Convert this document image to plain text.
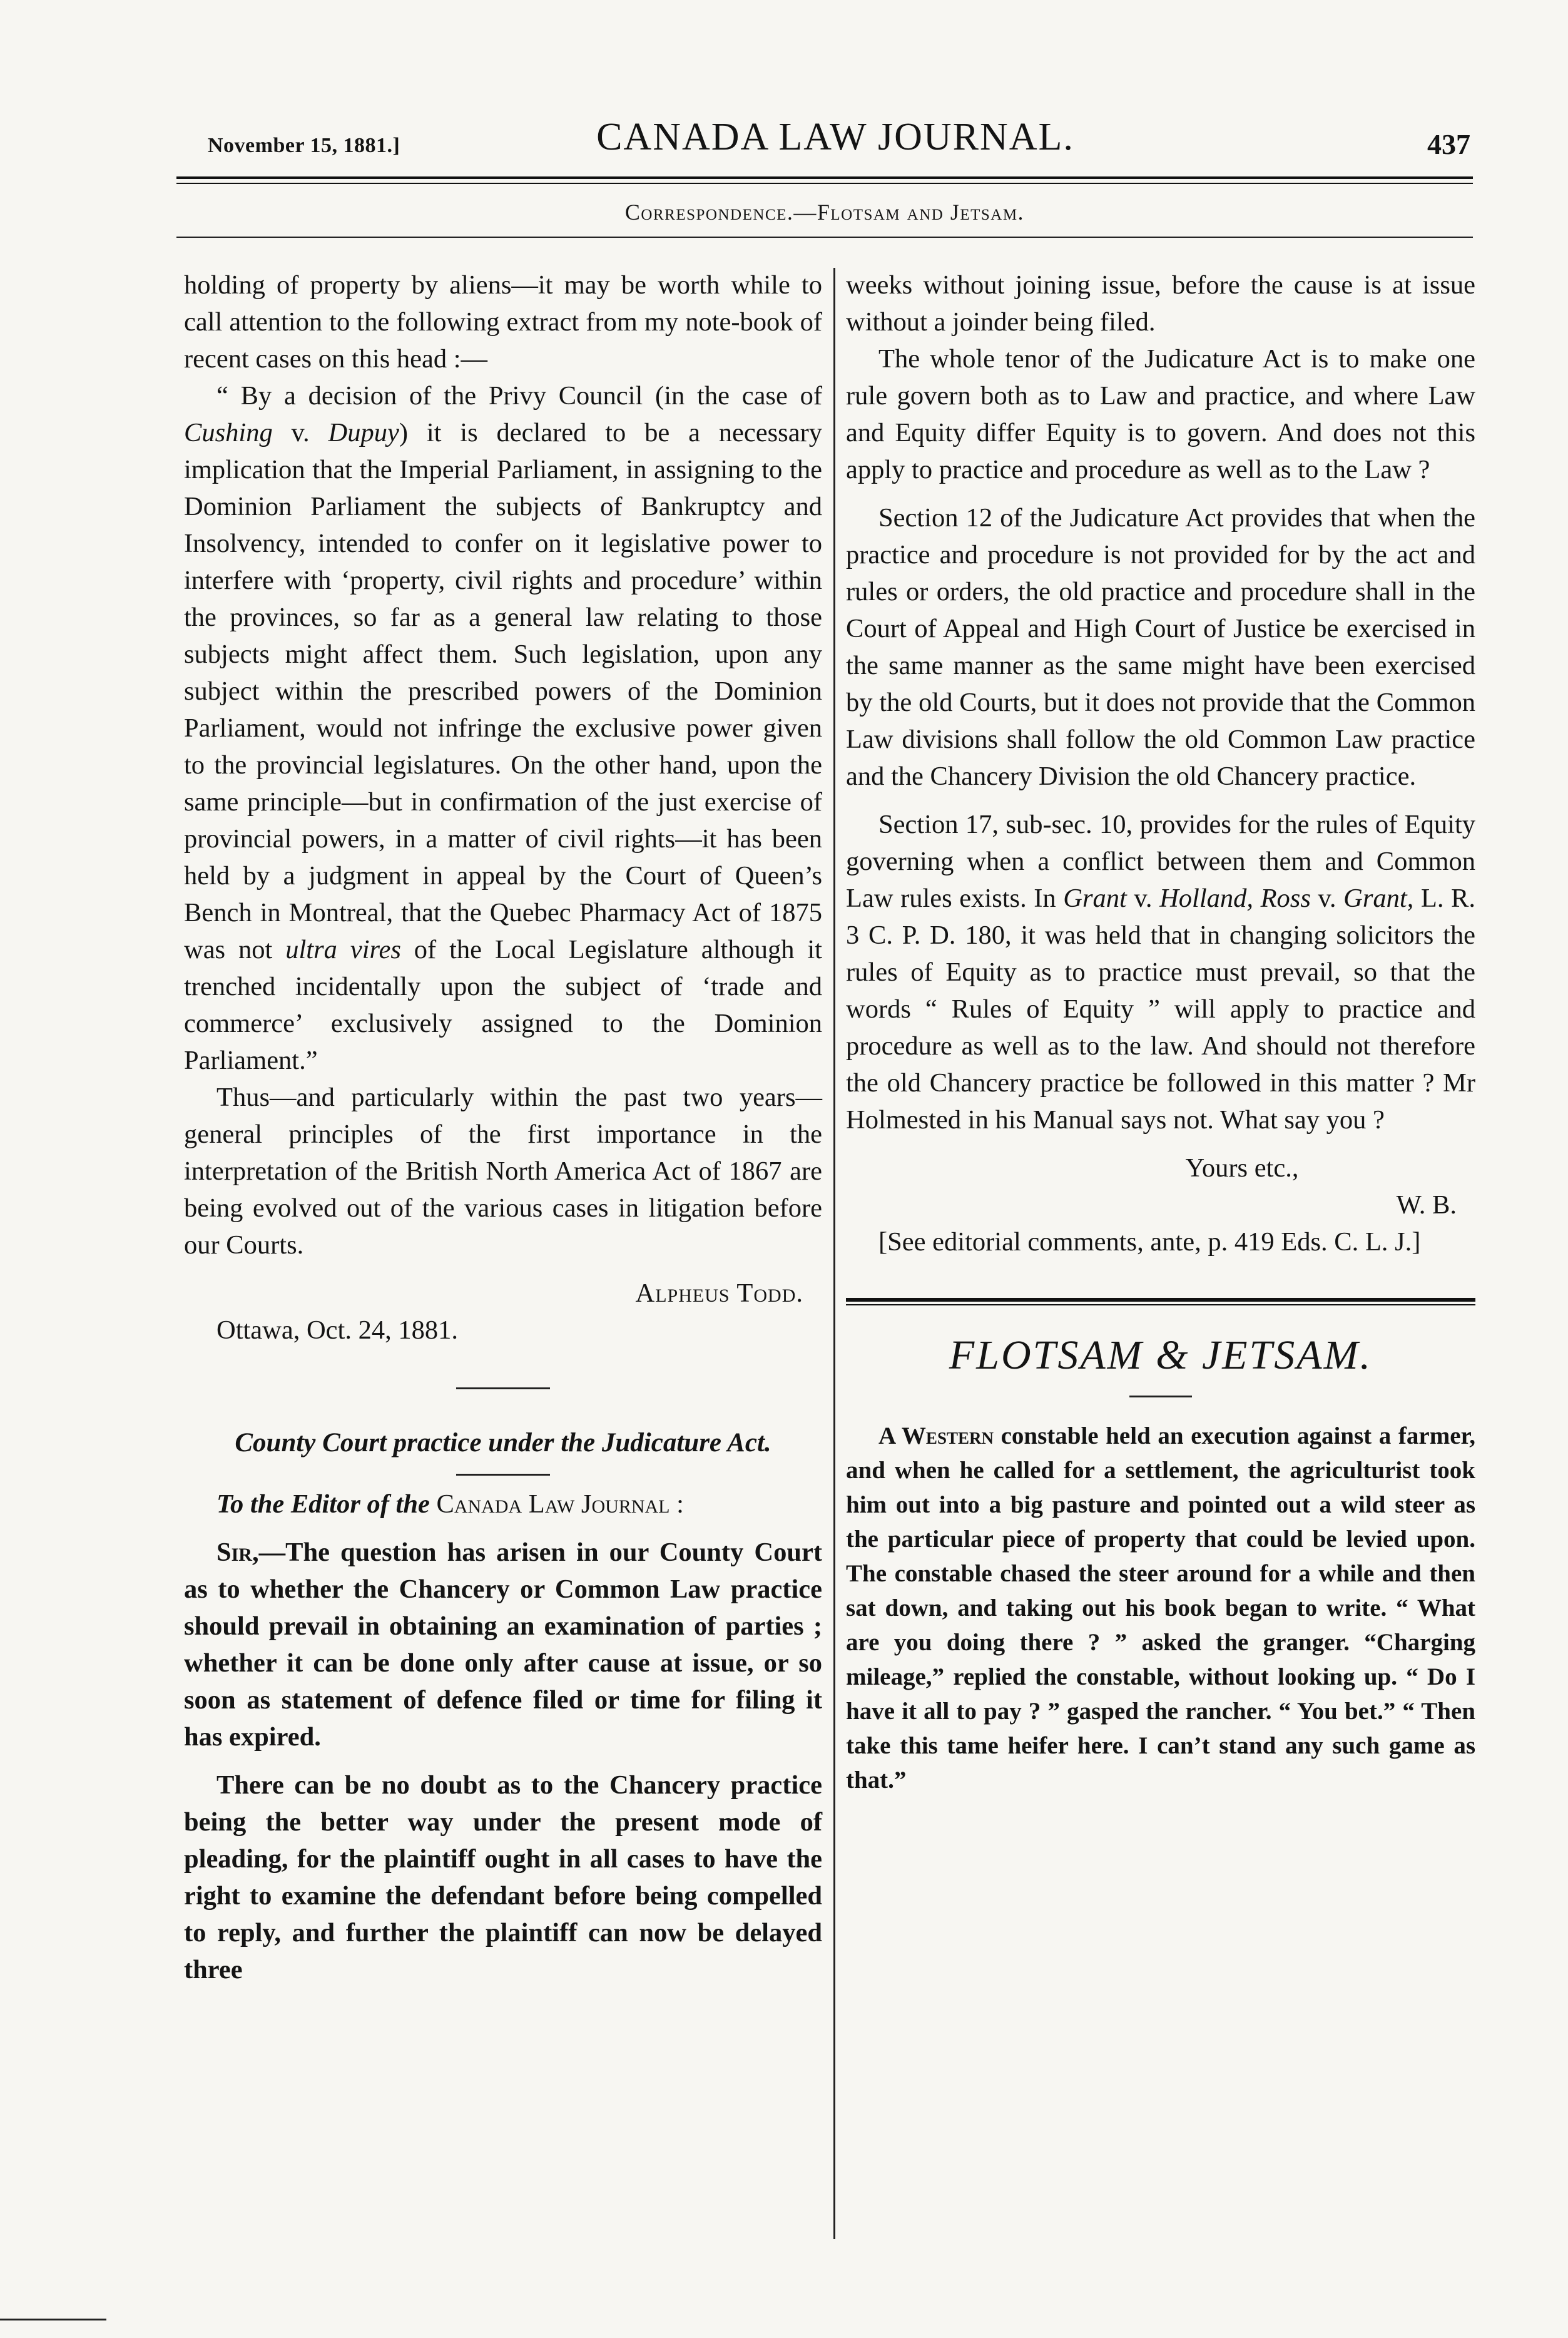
November 15, 1881.]	CANADA LAW JOURNAL.	437
Correspondence.—Flotsam and Jetsam.

holding of property by aliens—it may be worth while to call attention to the following extract from my note-book of recent cases on this head :—

“ By a decision of the Privy Council (in the case of Cushing v. Dupuy) it is declared to be a necessary implication that the Imperial Parliament, in assigning to the Dominion Parliament the subjects of Bankruptcy and Insolvency, intended to confer on it legislative power to interfere with ‘property, civil rights and procedure’ within the provinces, so far as a general law relating to those subjects might affect them. Such legislation, upon any subject within the prescribed powers of the Dominion Parliament, would not infringe the exclusive power given to the provincial legislatures. On the other hand, upon the same principle—but in confirmation of the just exercise of provincial powers, in a matter of civil rights—it has been held by a judgment in appeal by the Court of Queen’s Bench in Montreal, that the Quebec Pharmacy Act of 1875 was not ultra vires of the Local Legislature although it trenched incidentally upon the subject of ‘trade and commerce’ exclusively assigned to the Dominion Parliament.”

Thus—and particularly within the past two years—general principles of the first importance in the interpretation of the British North America Act of 1867 are being evolved out of the various cases in litigation before our Courts.

Alpheus Todd.

Ottawa, Oct. 24, 1881.

County Court practice under the Judicature Act.

To the Editor of the Canada Law Journal :

Sir,—The question has arisen in our County Court as to whether the Chancery or Common Law practice should prevail in obtaining an examination of parties ; whether it can be done only after cause at issue, or so soon as statement of defence filed or time for filing it has expired.

There can be no doubt as to the Chancery practice being the better way under the present mode of pleading, for the plaintiff ought in all cases to have the right to examine the defendant before being compelled to reply, and further the plaintiff can now be delayed three

weeks without joining issue, before the cause is at issue without a joinder being filed.

The whole tenor of the Judicature Act is to make one rule govern both as to Law and practice, and where Law and Equity differ Equity is to govern. And does not this apply to practice and procedure as well as to the Law ?

Section 12 of the Judicature Act provides that when the practice and procedure is not provided for by the act and rules or orders, the old practice and procedure shall in the Court of Appeal and High Court of Justice be exercised in the same manner as the same might have been exercised by the old Courts, but it does not provide that the Common Law divisions shall follow the old Common Law practice and the Chancery Division the old Chancery practice.

Section 17, sub-sec. 10, provides for the rules of Equity governing when a conflict between them and Common Law rules exists. In Grant v. Holland, Ross v. Grant, L. R. 3 C. P. D. 180, it was held that in changing solicitors the rules of Equity as to practice must prevail, so that the words “ Rules of Equity ” will apply to practice and procedure as well as to the law. And should not therefore the old Chancery practice be followed in this matter ? Mr Holmested in his Manual says not. What say you ?

Yours etc.,

W. B.

[See editorial comments, ante, p. 419 Eds. C. L. J.]

FLOTSAM & JETSAM.

A Western constable held an execution against a farmer, and when he called for a settlement, the agriculturist took him out into a big pasture and pointed out a wild steer as the particular piece of property that could be levied upon. The constable chased the steer around for a while and then sat down, and taking out his book began to write. “ What are you doing there ? ” asked the granger. “Charging mileage,” replied the constable, without looking up. “ Do I have it all to pay ? ” gasped the rancher. “ You bet.” “ Then take this tame heifer here. I can’t stand any such game as that.”
